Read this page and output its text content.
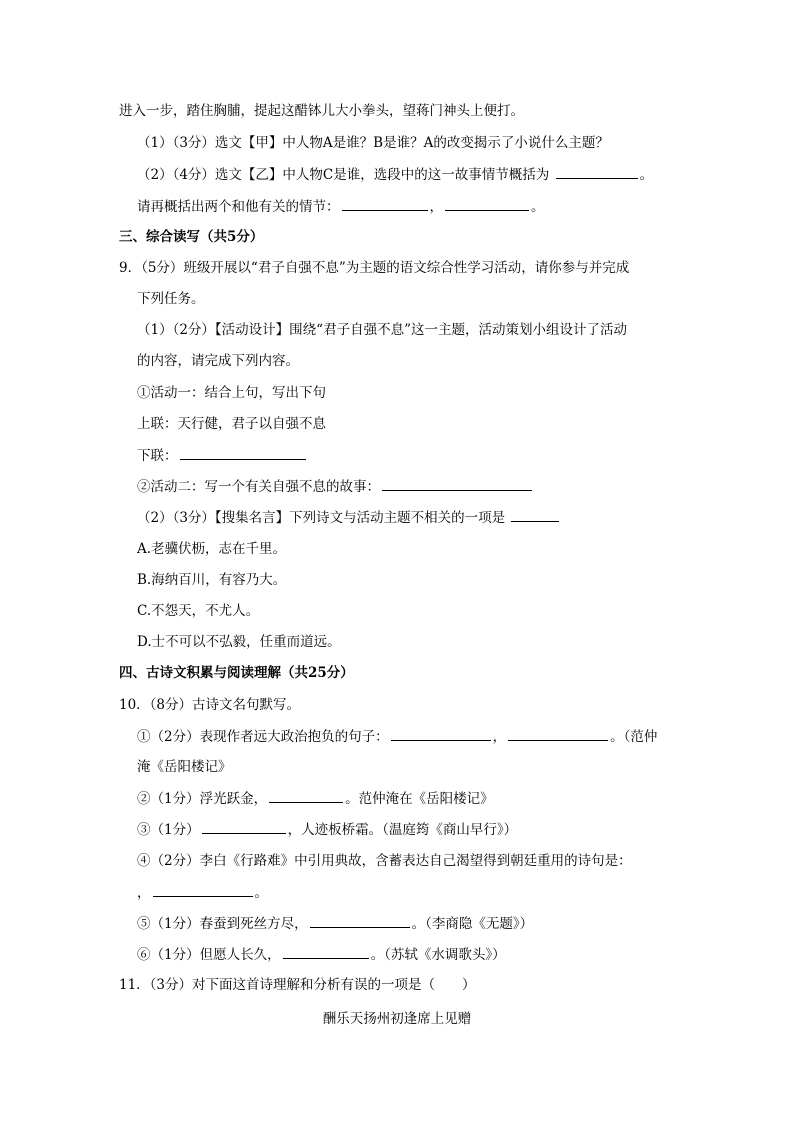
进入一步，踏住胸脯，提起这醋钵儿大小拳头，望蒋门神头上便打。
（1）（3分）选文【甲】中人物A是谁？B是谁？A的改变揭示了小说什么主题？
（2）（4分）选文【乙】中人物C是谁，选段中的这一故事情节概括为	。
请再概括出两个和他有关的情节：	，	。
三、综合读写（共5分）
9．（5分）班级开展以“君子自强不息”为主题的语文综合性学习活动，请你参与并完成
下列任务。
（1）（2分）【活动设计】围绕“君子自强不息”这一主题，活动策划小组设计了活动
的内容，请完成下列内容。
①活动一：结合上句，写出下句
上联：天行健，君子以自强不息
下联：
②活动二：写一个有关自强不息的故事：
（2）（3分）【搜集名言】下列诗文与活动主题不相关的一项是
A.老骥伏枥，志在千里。
B.海纳百川，有容乃大。
C.不怨天，不尤人。
D.士不可以不弘毅，任重而道远。
四、古诗文积累与阅读理解（共25分）
10．（8分）古诗文名句默写。
①（2分）表现作者远大政治抱负的句子：	，	。（范仲
淹《岳阳楼记》
②（1分）浮光跃金，	。范仲淹在《岳阳楼记》
③（1分）	，人迹板桥霜。（温庭筠《商山早行》）
④（2分）李白《行路难》中引用典故，含蓄表达自己渴望得到朝廷重用的诗句是：
，	。
⑤（1分）春蚕到死丝方尽，	。（李商隐《无题》）
⑥（1分）但愿人长久，	。（苏轼《水调歌头》）
11．（3分）对下面这首诗理解和分析有误的一项是（　　）
酬乐天扬州初逢席上见赠
